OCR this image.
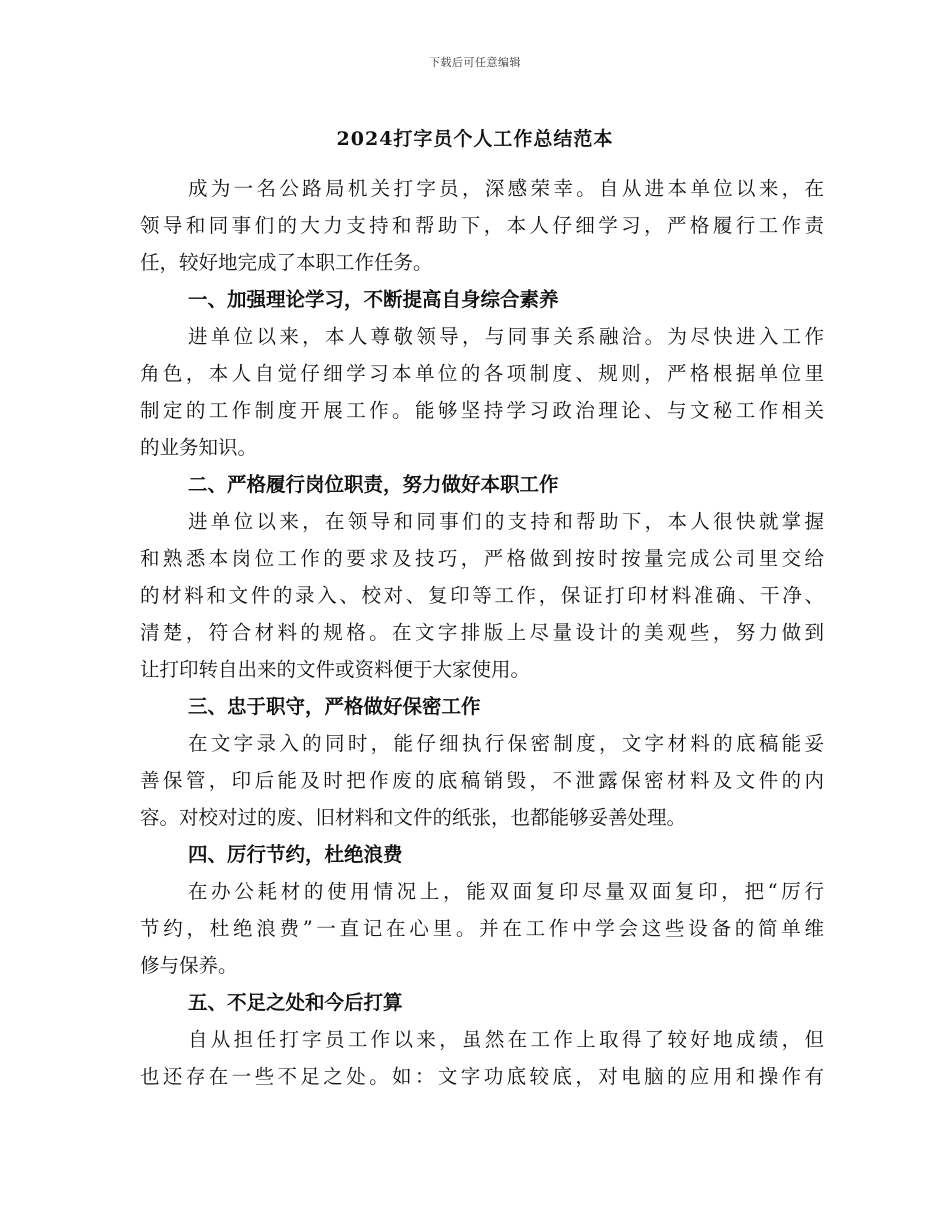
下载后可任意编辑
2024打字员个人工作总结范本
成为一名公路局机关打字员，深感荣幸。自从进本单位以来，在
领导和同事们的大力支持和帮助下，本人仔细学习，严格履行工作责
任，较好地完成了本职工作任务。
一、加强理论学习，不断提高自身综合素养
进单位以来，本人尊敬领导，与同事关系融洽。为尽快进入工作
角色，本人自觉仔细学习本单位的各项制度、规则，严格根据单位里
制定的工作制度开展工作。能够坚持学习政治理论、与文秘工作相关
的业务知识。
二、严格履行岗位职责，努力做好本职工作
进单位以来，在领导和同事们的支持和帮助下，本人很快就掌握
和熟悉本岗位工作的要求及技巧，严格做到按时按量完成公司里交给
的材料和文件的录入、校对、复印等工作，保证打印材料准确、干净、
清楚，符合材料的规格。在文字排版上尽量设计的美观些，努力做到
让打印转自出来的文件或资料便于大家使用。
三、忠于职守，严格做好保密工作
在文字录入的同时，能仔细执行保密制度，文字材料的底稿能妥
善保管，印后能及时把作废的底稿销毁，不泄露保密材料及文件的内
容。对校对过的废、旧材料和文件的纸张，也都能够妥善处理。
四、厉行节约，杜绝浪费
在办公耗材的使用情况上，能双面复印尽量双面复印，把“厉行
节约，杜绝浪费”一直记在心里。并在工作中学会这些设备的简单维
修与保养。
五、不足之处和今后打算
自从担任打字员工作以来，虽然在工作上取得了较好地成绩，但
也还存在一些不足之处。如：文字功底较底，对电脑的应用和操作有
